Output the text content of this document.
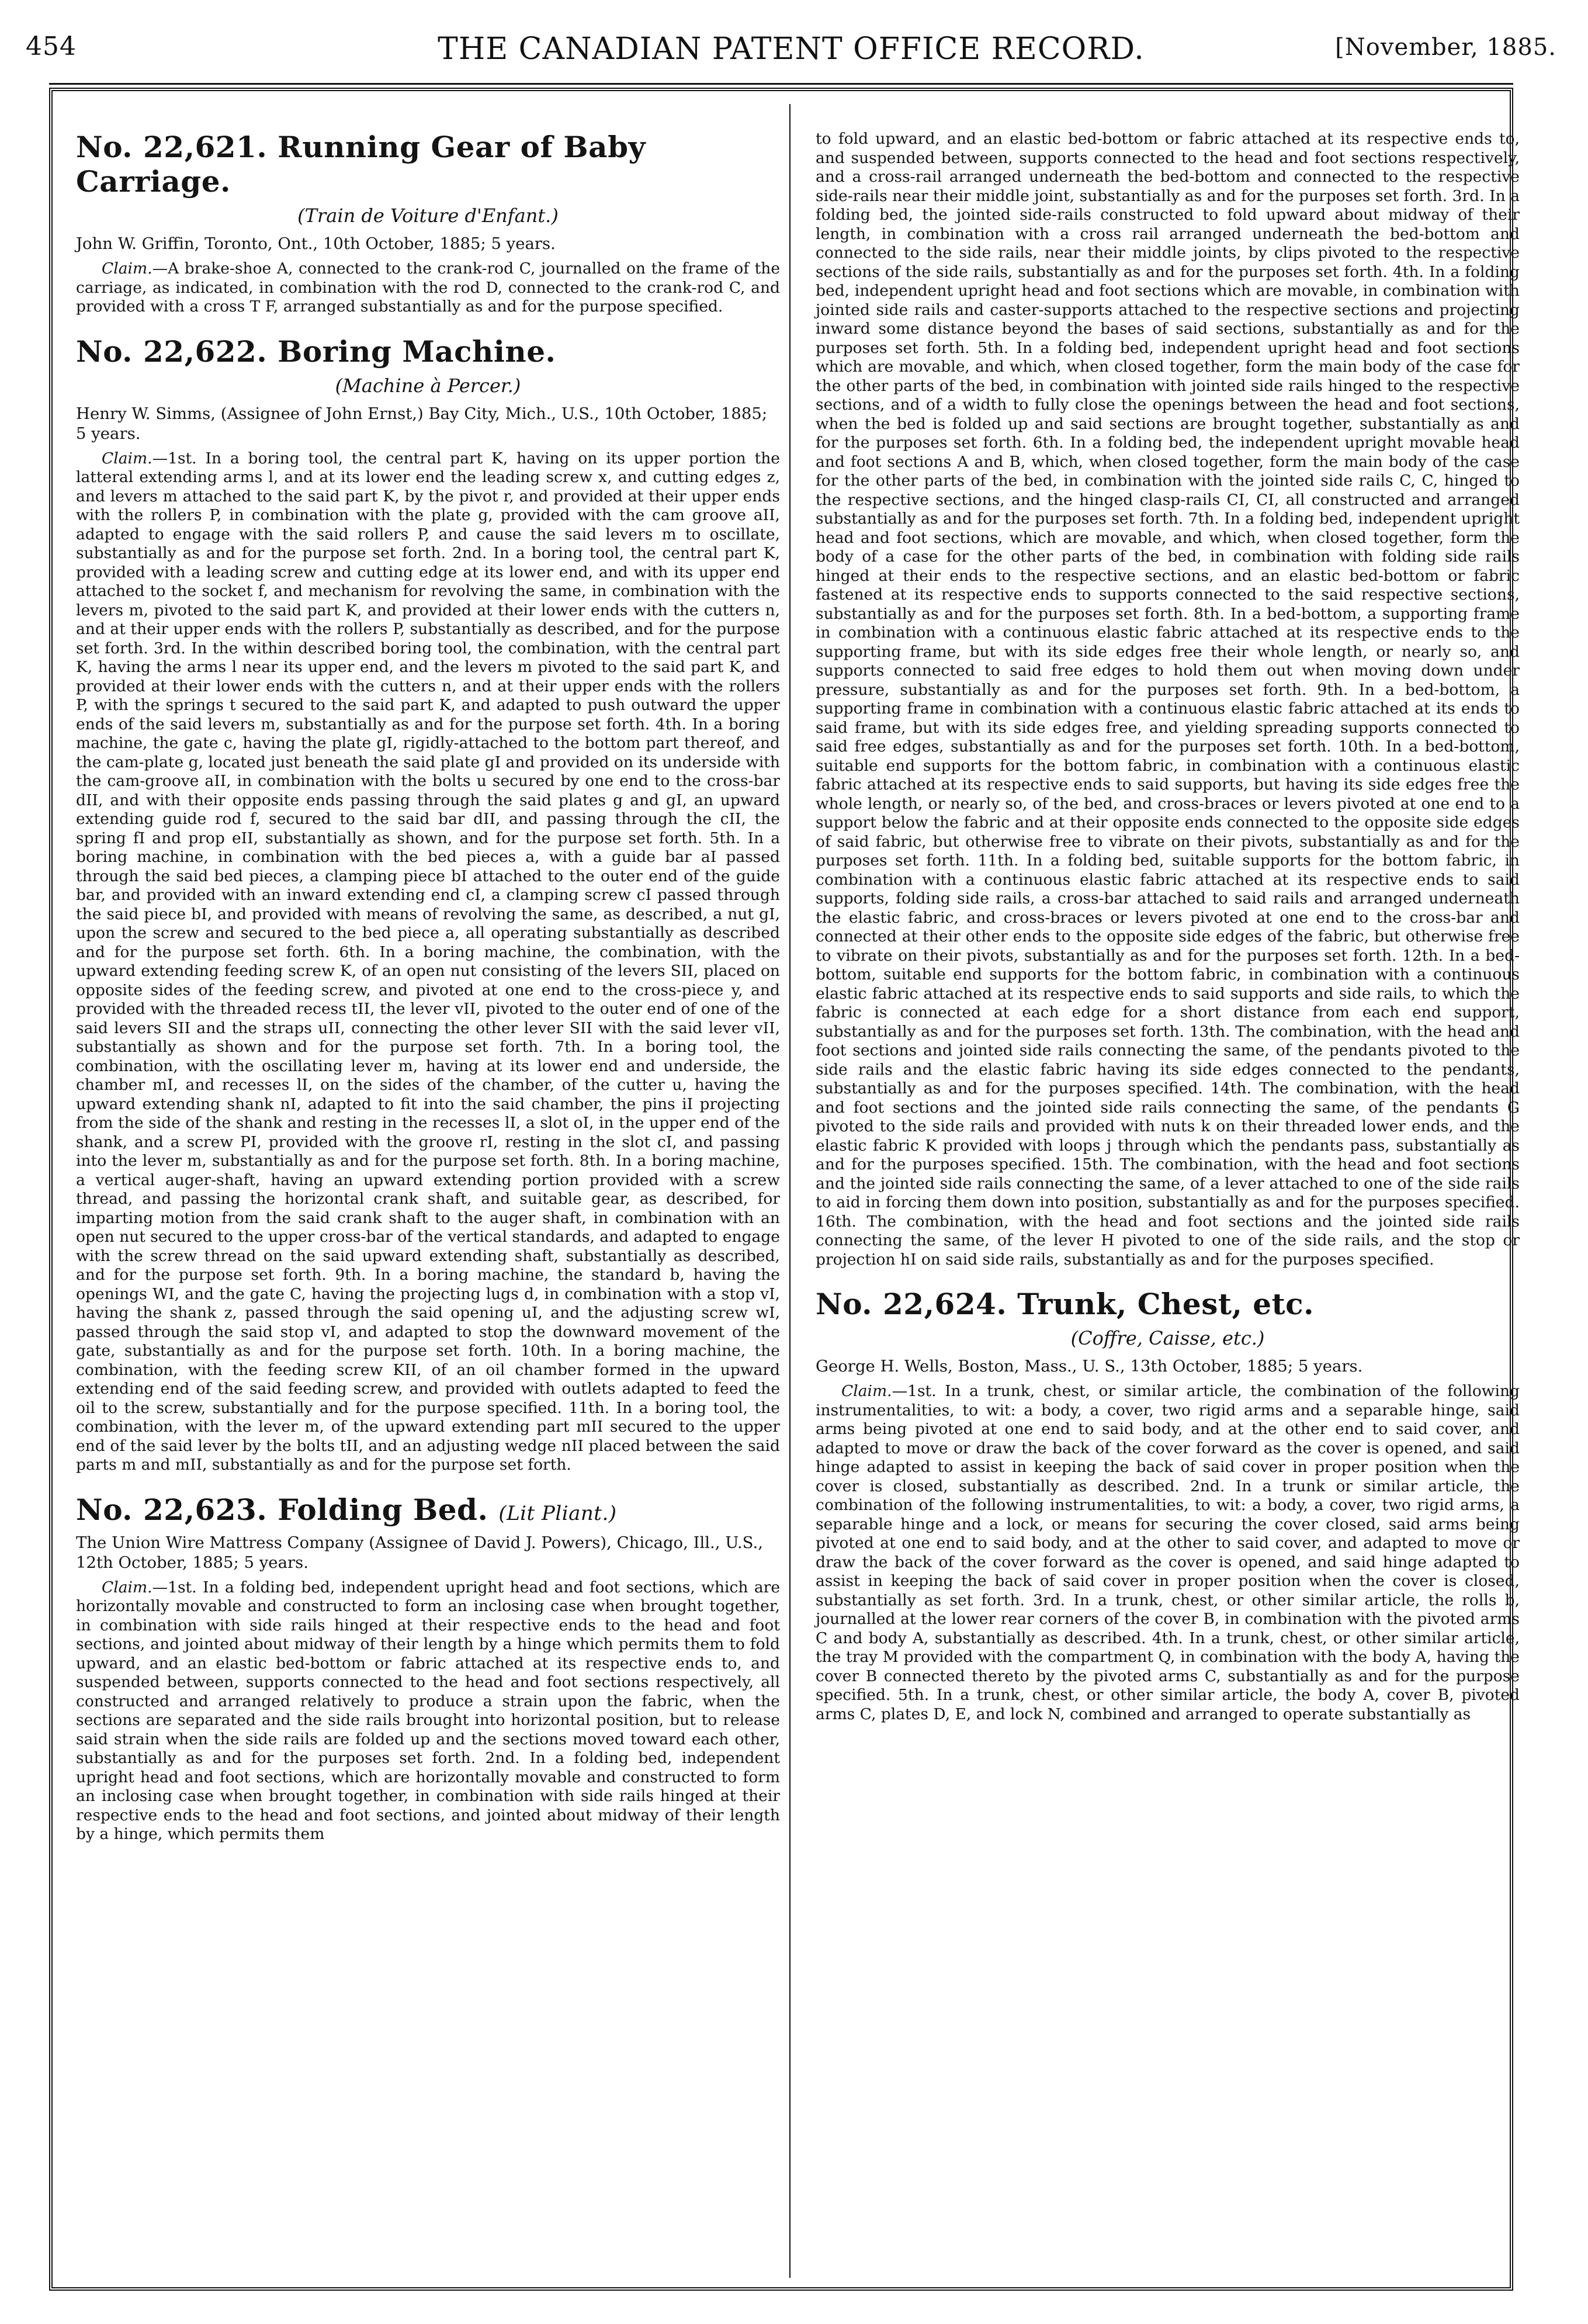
454	THE CANADIAN PATENT OFFICE RECORD.	[November, 1885.
No. 22,621. Running Gear of Baby Carriage.

(Train de Voiture d'Enfant.)

John W. Griffin, Toronto, Ont., 10th October, 1885; 5 years.

Claim.—A brake-shoe A, connected to the crank-rod C, journalled on the frame of the carriage, as indicated, in combination with the rod D, connected to the crank-rod C, and provided with a cross T F, arranged substantially as and for the purpose specified.

No. 22,622. Boring Machine.

(Machine à Percer.)

Henry W. Simms, (Assignee of John Ernst,) Bay City, Mich., U.S., 10th October, 1885; 5 years.

Claim.—1st. In a boring tool, the central part K, having on its upper portion the latteral extending arms l, and at its lower end the leading screw x, and cutting edges z, and levers m attached to the said part K, by the pivot r, and provided at their upper ends with the rollers P, in combination with the plate g, provided with the cam groove aII, adapted to engage with the said rollers P, and cause the said levers m to oscillate, substantially as and for the purpose set forth. 2nd. In a boring tool, the central part K, provided with a leading screw and cutting edge at its lower end, and with its upper end attached to the socket f, and mechanism for revolving the same, in combination with the levers m, pivoted to the said part K, and provided at their lower ends with the cutters n, and at their upper ends with the rollers P, substantially as described, and for the purpose set forth. 3rd. In the within described boring tool, the combination, with the central part K, having the arms l near its upper end, and the levers m pivoted to the said part K, and provided at their lower ends with the cutters n, and at their upper ends with the rollers P, with the springs t secured to the said part K, and adapted to push outward the upper ends of the said levers m, substantially as and for the purpose set forth. 4th. In a boring machine, the gate c, having the plate gI, rigidly-attached to the bottom part thereof, and the cam-plate g, located just beneath the said plate gI and provided on its underside with the cam-groove aII, in combination with the bolts u secured by one end to the cross-bar dII, and with their opposite ends passing through the said plates g and gI, an upward extending guide rod f, secured to the said bar dII, and passing through the cII, the spring fI and prop eII, substantially as shown, and for the purpose set forth. 5th. In a boring machine, in combination with the bed pieces a, with a guide bar aI passed through the said bed pieces, a clamping piece bI attached to the outer end of the guide bar, and provided with an inward extending end cI, a clamping screw cI passed through the said piece bI, and provided with means of revolving the same, as described, a nut gI, upon the screw and secured to the bed piece a, all operating substantially as described and for the purpose set forth. 6th. In a boring machine, the combination, with the upward extending feeding screw K, of an open nut consisting of the levers SII, placed on opposite sides of the feeding screw, and pivoted at one end to the cross-piece y, and provided with the threaded recess tII, the lever vII, pivoted to the outer end of one of the said levers SII and the straps uII, connecting the other lever SII with the said lever vII, substantially as shown and for the purpose set forth. 7th. In a boring tool, the combination, with the oscillating lever m, having at its lower end and underside, the chamber mI, and recesses lI, on the sides of the chamber, of the cutter u, having the upward extending shank nI, adapted to fit into the said chamber, the pins iI projecting from the side of the shank and resting in the recesses lI, a slot oI, in the upper end of the shank, and a screw PI, provided with the groove rI, resting in the slot cI, and passing into the lever m, substantially as and for the purpose set forth. 8th. In a boring machine, a vertical auger-shaft, having an upward extending portion provided with a screw thread, and passing the horizontal crank shaft, and suitable gear, as described, for imparting motion from the said crank shaft to the auger shaft, in combination with an open nut secured to the upper cross-bar of the vertical standards, and adapted to engage with the screw thread on the said upward extending shaft, substantially as described, and for the purpose set forth. 9th. In a boring machine, the standard b, having the openings WI, and the gate C, having the projecting lugs d, in combination with a stop vI, having the shank z, passed through the said opening uI, and the adjusting screw wI, passed through the said stop vI, and adapted to stop the downward movement of the gate, substantially as and for the purpose set forth. 10th. In a boring machine, the combination, with the feeding screw KII, of an oil chamber formed in the upward extending end of the said feeding screw, and provided with outlets adapted to feed the oil to the screw, substantially and for the purpose specified. 11th. In a boring tool, the combination, with the lever m, of the upward extending part mII secured to the upper end of the said lever by the bolts tII, and an adjusting wedge nII placed between the said parts m and mII, substantially as and for the purpose set forth.

No. 22,623. Folding Bed. (Lit Pliant.)

The Union Wire Mattress Company (Assignee of David J. Powers), Chicago, Ill., U.S., 12th October, 1885; 5 years.

Claim.—1st. In a folding bed, independent upright head and foot sections, which are horizontally movable and constructed to form an inclosing case when brought together, in combination with side rails hinged at their respective ends to the head and foot sections, and jointed about midway of their length by a hinge which permits them to fold upward, and an elastic bed-bottom or fabric attached at its respective ends to, and suspended between, supports connected to the head and foot sections respectively, all constructed and arranged relatively to produce a strain upon the fabric, when the sections are separated and the side rails brought into horizontal position, but to release said strain when the side rails are folded up and the sections moved toward each other, substantially as and for the purposes set forth. 2nd. In a folding bed, independent upright head and foot sections, which are horizontally movable and constructed to form an inclosing case when brought together, in combination with side rails hinged at their respective ends to the head and foot sections, and jointed about midway of their length by a hinge, which permits them

to fold upward, and an elastic bed-bottom or fabric attached at its respective ends to, and suspended between, supports connected to the head and foot sections respectively, and a cross-rail arranged underneath the bed-bottom and connected to the respective side-rails near their middle joint, substantially as and for the purposes set forth. 3rd. In a folding bed, the jointed side-rails constructed to fold upward about midway of their length, in combination with a cross rail arranged underneath the bed-bottom and connected to the side rails, near their middle joints, by clips pivoted to the respective sections of the side rails, substantially as and for the purposes set forth. 4th. In a folding bed, independent upright head and foot sections which are movable, in combination with jointed side rails and caster-supports attached to the respective sections and projecting inward some distance beyond the bases of said sections, substantially as and for the purposes set forth. 5th. In a folding bed, independent upright head and foot sections which are movable, and which, when closed together, form the main body of the case for the other parts of the bed, in combination with jointed side rails hinged to the respective sections, and of a width to fully close the openings between the head and foot sections, when the bed is folded up and said sections are brought together, substantially as and for the purposes set forth. 6th. In a folding bed, the independent upright movable head and foot sections A and B, which, when closed together, form the main body of the case for the other parts of the bed, in combination with the jointed side rails C, C, hinged to the respective sections, and the hinged clasp-rails CI, CI, all constructed and arranged substantially as and for the purposes set forth. 7th. In a folding bed, independent upright head and foot sections, which are movable, and which, when closed together, form the body of a case for the other parts of the bed, in combination with folding side rails hinged at their ends to the respective sections, and an elastic bed-bottom or fabric fastened at its respective ends to supports connected to the said respective sections, substantially as and for the purposes set forth. 8th. In a bed-bottom, a supporting frame in combination with a continuous elastic fabric attached at its respective ends to the supporting frame, but with its side edges free their whole length, or nearly so, and supports connected to said free edges to hold them out when moving down under pressure, substantially as and for the purposes set forth. 9th. In a bed-bottom, a supporting frame in combination with a continuous elastic fabric attached at its ends to said frame, but with its side edges free, and yielding spreading supports connected to said free edges, substantially as and for the purposes set forth. 10th. In a bed-bottom, suitable end supports for the bottom fabric, in combination with a continuous elastic fabric attached at its respective ends to said supports, but having its side edges free the whole length, or nearly so, of the bed, and cross-braces or levers pivoted at one end to a support below the fabric and at their opposite ends connected to the opposite side edges of said fabric, but otherwise free to vibrate on their pivots, substantially as and for the purposes set forth. 11th. In a folding bed, suitable supports for the bottom fabric, in combination with a continuous elastic fabric attached at its respective ends to said supports, folding side rails, a cross-bar attached to said rails and arranged underneath the elastic fabric, and cross-braces or levers pivoted at one end to the cross-bar and connected at their other ends to the opposite side edges of the fabric, but otherwise free to vibrate on their pivots, substantially as and for the purposes set forth. 12th. In a bed-bottom, suitable end supports for the bottom fabric, in combination with a continuous elastic fabric attached at its respective ends to said supports and side rails, to which the fabric is connected at each edge for a short distance from each end support, substantially as and for the purposes set forth. 13th. The combination, with the head and foot sections and jointed side rails connecting the same, of the pendants pivoted to the side rails and the elastic fabric having its side edges connected to the pendants, substantially as and for the purposes specified. 14th. The combination, with the head and foot sections and the jointed side rails connecting the same, of the pendants G pivoted to the side rails and provided with nuts k on their threaded lower ends, and the elastic fabric K provided with loops j through which the pendants pass, substantially as and for the purposes specified. 15th. The combination, with the head and foot sections and the jointed side rails connecting the same, of a lever attached to one of the side rails to aid in forcing them down into position, substantially as and for the purposes specified. 16th. The combination, with the head and foot sections and the jointed side rails connecting the same, of the lever H pivoted to one of the side rails, and the stop or projection hI on said side rails, substantially as and for the purposes specified.

No. 22,624. Trunk, Chest, etc.

(Coffre, Caisse, etc.)

George H. Wells, Boston, Mass., U. S., 13th October, 1885; 5 years.

Claim.—1st. In a trunk, chest, or similar article, the combination of the following instrumentalities, to wit: a body, a cover, two rigid arms and a separable hinge, said arms being pivoted at one end to said body, and at the other end to said cover, and adapted to move or draw the back of the cover forward as the cover is opened, and said hinge adapted to assist in keeping the back of said cover in proper position when the cover is closed, substantially as described. 2nd. In a trunk or similar article, the combination of the following instrumentalities, to wit: a body, a cover, two rigid arms, a separable hinge and a lock, or means for securing the cover closed, said arms being pivoted at one end to said body, and at the other to said cover, and adapted to move or draw the back of the cover forward as the cover is opened, and said hinge adapted to assist in keeping the back of said cover in proper position when the cover is closed, substantially as set forth. 3rd. In a trunk, chest, or other similar article, the rolls b, journalled at the lower rear corners of the cover B, in combination with the pivoted arms C and body A, substantially as described. 4th. In a trunk, chest, or other similar article, the tray M provided with the compartment Q, in combination with the body A, having the cover B connected thereto by the pivoted arms C, substantially as and for the purpose specified. 5th. In a trunk, chest, or other similar article, the body A, cover B, pivoted arms C, plates D, E, and lock N, combined and arranged to operate substantially as
